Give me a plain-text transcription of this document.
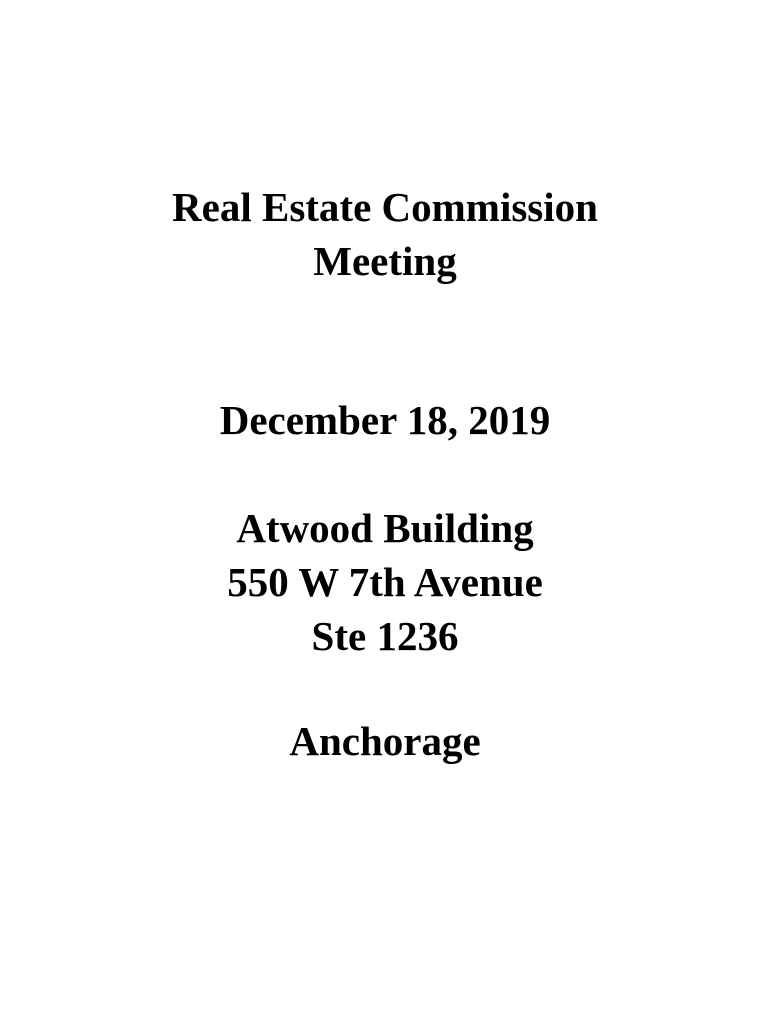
Real Estate Commission
Meeting
December 18, 2019
Atwood Building
550 W 7th Avenue
Ste 1236
Anchorage
